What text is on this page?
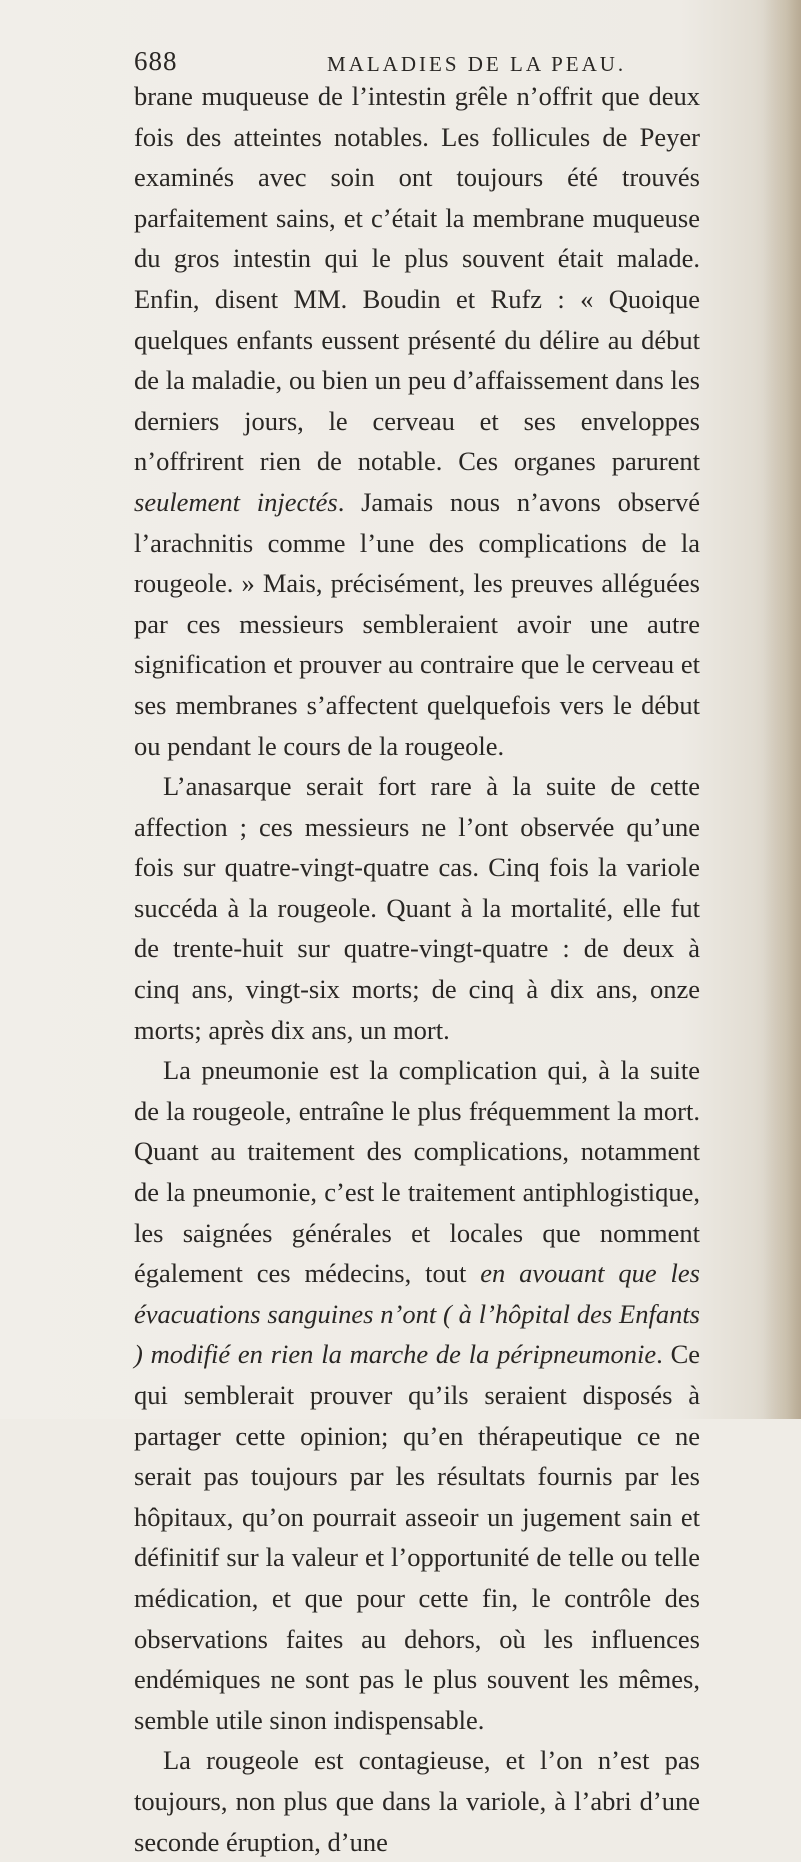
688	MALADIES DE LA PEAU.

brane muqueuse de l’intestin grêle n’offrit que deux fois des atteintes notables. Les follicules de Peyer examinés avec soin ont toujours été trouvés parfaitement sains, et c’était la membrane muqueuse du gros intestin qui le plus souvent était malade. Enfin, disent MM. Boudin et Rufz : « Quoique quelques enfants eussent présenté du délire au début de la maladie, ou bien un peu d’affaissement dans les derniers jours, le cerveau et ses enveloppes n’offrirent rien de notable. Ces organes parurent seulement injectés. Jamais nous n’avons observé l’arachnitis comme l’une des complications de la rougeole. » Mais, précisément, les preuves alléguées par ces messieurs sembleraient avoir une autre signification et prouver au contraire que le cerveau et ses membranes s’affectent quelquefois vers le début ou pendant le cours de la rougeole.

L’anasarque serait fort rare à la suite de cette affection ; ces messieurs ne l’ont observée qu’une fois sur quatre-vingt-quatre cas. Cinq fois la variole succéda à la rougeole. Quant à la mortalité, elle fut de trente-huit sur quatre-vingt-quatre : de deux à cinq ans, vingt-six morts; de cinq à dix ans, onze morts; après dix ans, un mort.

La pneumonie est la complication qui, à la suite de la rougeole, entraîne le plus fréquemment la mort. Quant au traitement des complications, notamment de la pneumonie, c’est le traitement antiphlogistique, les saignées générales et locales que nomment également ces médecins, tout en avouant que les évacuations sanguines n’ont ( à l’hôpital des Enfants ) modifié en rien la marche de la péripneumonie. Ce qui semblerait prouver qu’ils seraient disposés à partager cette opinion; qu’en thérapeutique ce ne serait pas toujours par les résultats fournis par les hôpitaux, qu’on pourrait asseoir un jugement sain et définitif sur la valeur et l’opportunité de telle ou telle médication, et que pour cette fin, le contrôle des observations faites au dehors, où les influences endémiques ne sont pas le plus souvent les mêmes, semble utile sinon indispensable.

La rougeole est contagieuse, et l’on n’est pas toujours, non plus que dans la variole, à l’abri d’une seconde éruption, d’une
